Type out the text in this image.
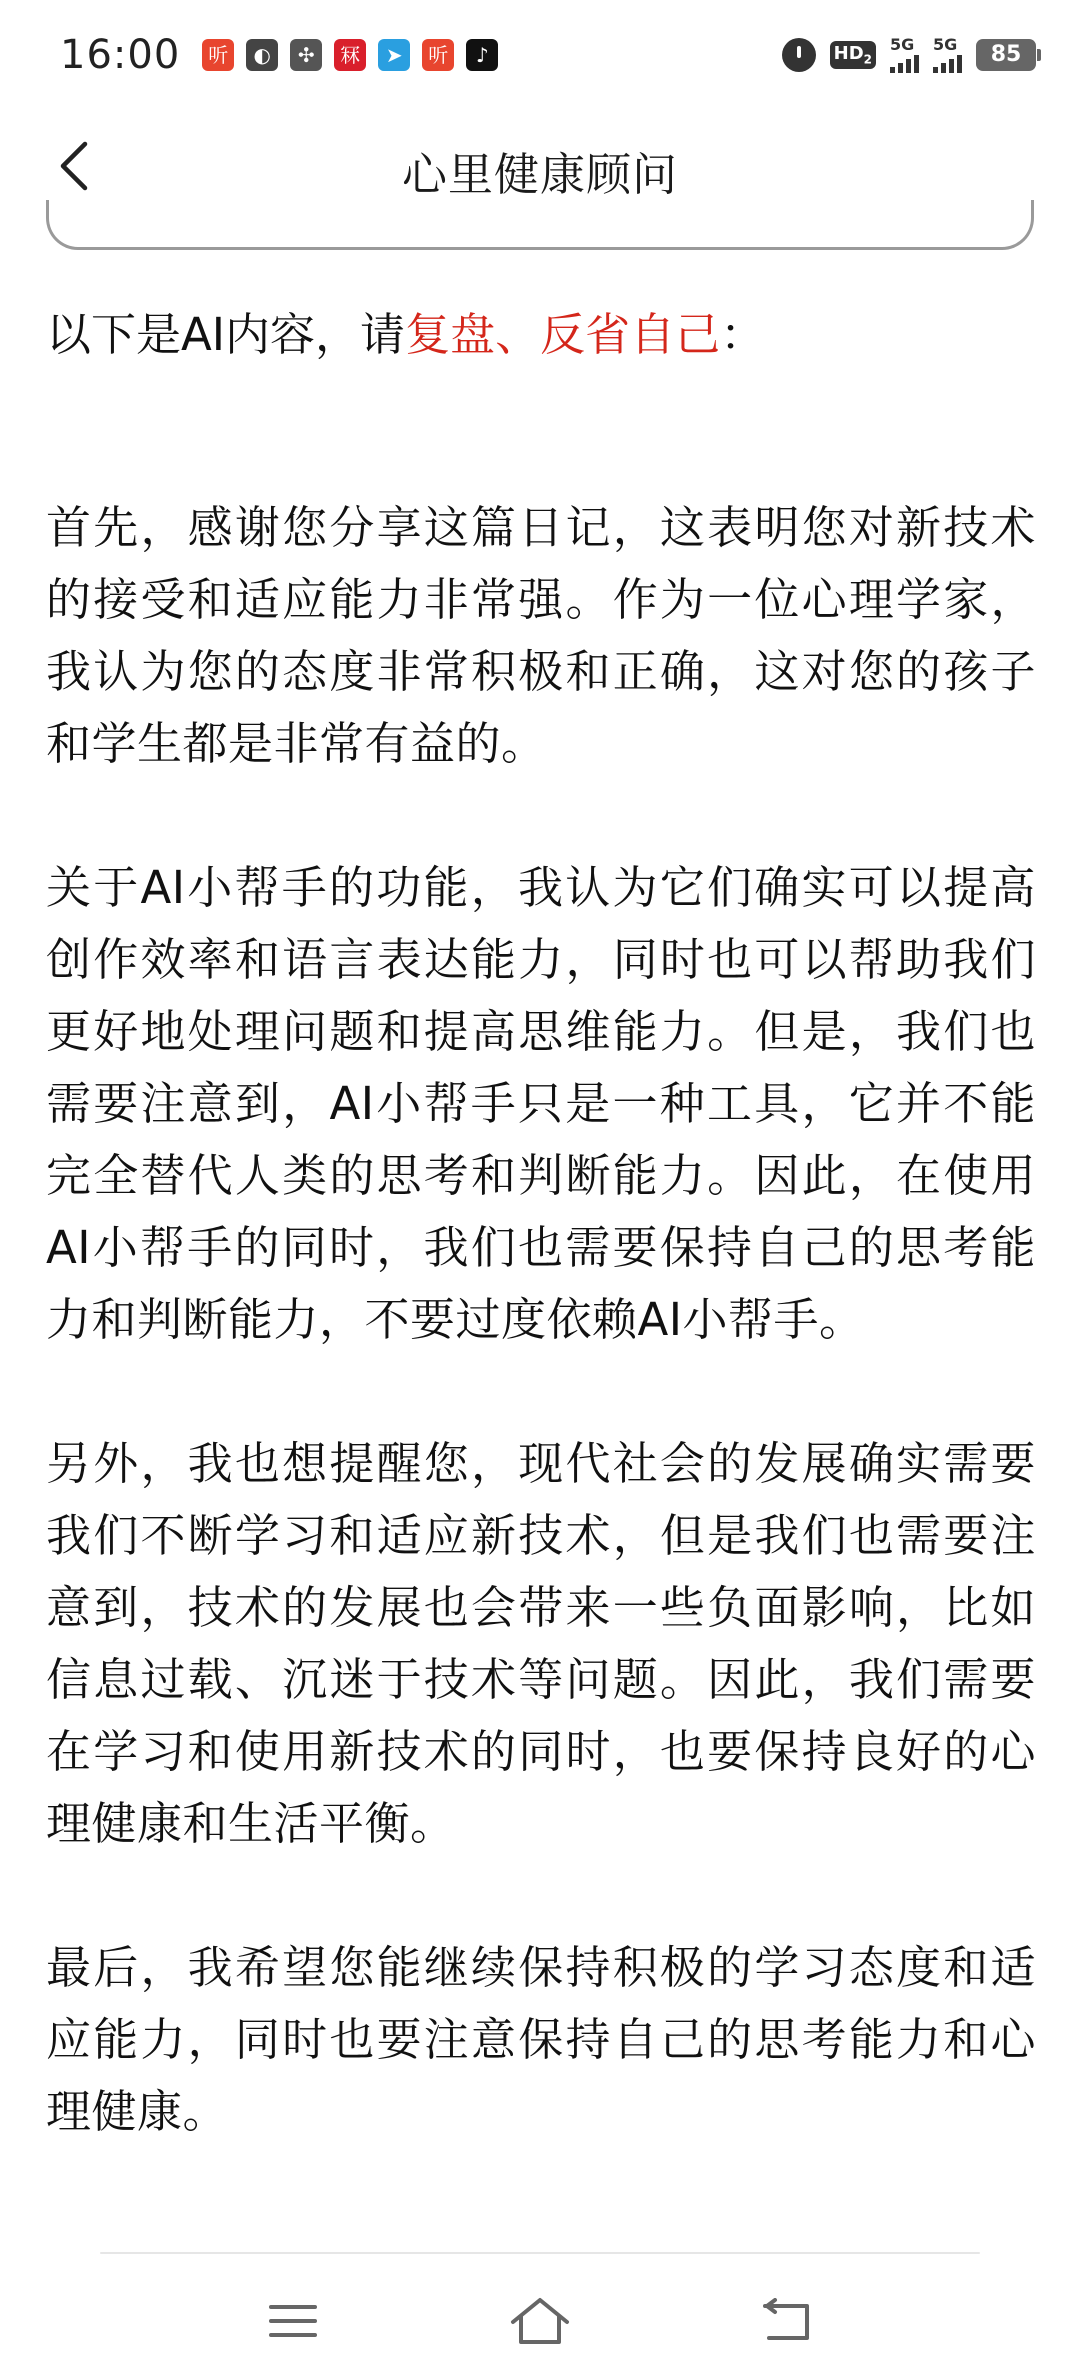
16:00	听	◐	✣	冧	➤	听	♪	$HD_2$
5G 5G	85
心里健康顾问
以下是AI内容，请复盘、反省自己：

首先，感谢您分享这篇日记，这表明您对新技术的接受和适应能力非常强。作为一位心理学家，我认为您的态度非常积极和正确，这对您的孩子和学生都是非常有益的。

关于AI小帮手的功能，我认为它们确实可以提高创作效率和语言表达能力，同时也可以帮助我们更好地处理问题和提高思维能力。但是，我们也需要注意到，AI小帮手只是一种工具，它并不能完全替代人类的思考和判断能力。因此，在使用AI小帮手的同时，我们也需要保持自己的思考能力和判断能力，不要过度依赖AI小帮手。

另外，我也想提醒您，现代社会的发展确实需要我们不断学习和适应新技术，但是我们也需要注意到，技术的发展也会带来一些负面影响，比如信息过载、沉迷于技术等问题。因此，我们需要在学习和使用新技术的同时，也要保持良好的心理健康和生活平衡。

最后，我希望您能继续保持积极的学习态度和适应能力，同时也要注意保持自己的思考能力和心理健康。
